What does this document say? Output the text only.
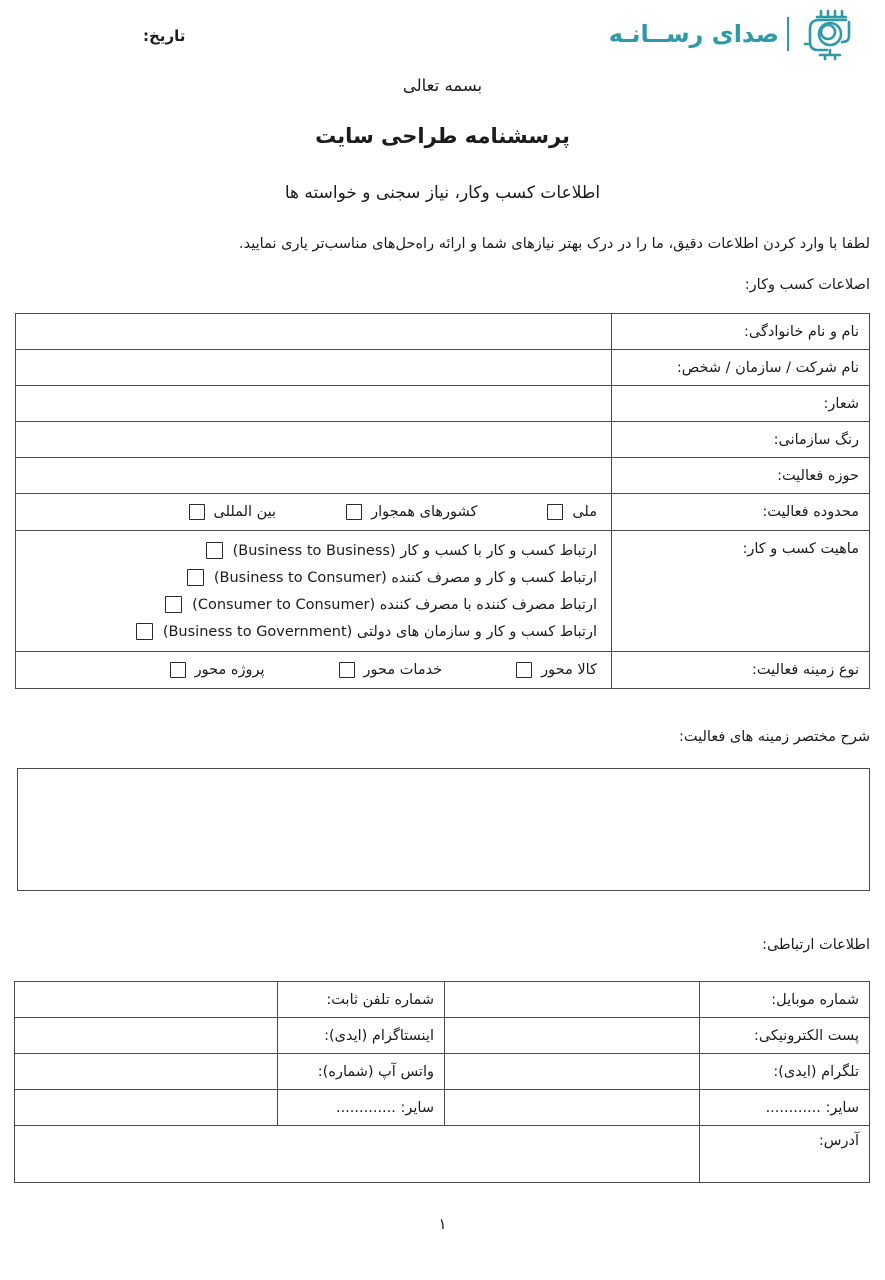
صدای رســانـه
تاریخ:
بسمه تعالی
پرسشنامه طراحی سایت
اطلاعات کسب وکار، نیاز سجنی و خواسته ها
لطفا با وارد کردن اطلاعات دقیق، ما را در درک بهتر نیازهای شما و ارائه راه‌حل‌های مناسب‌تر یاری نمایید.
اصلاعات کسب وکار:
نام و نام خانوادگی:	
نام شرکت / سازمان / شخص:	
شعار:	
رنگ سازمانی:	
حوزه فعالیت:	
محدوده فعالیت:	ملی
کشورهای همجوار
بین المللی

ماهیت کسب و کار:	ارتباط کسب و کار با کسب و کار (Business to Business)
ارتباط کسب و کار و مصرف کننده (Business to Consumer)
ارتباط مصرف کننده با مصرف کننده (Consumer to Consumer)
ارتباط کسب و کار و سازمان های دولتی (Business to Government)

نوع زمینه فعالیت:	کالا محور
خدمات محور
پروژه محور
شرح مختصر زمینه های فعالیت:
اطلاعات ارتباطی:
شماره موبایل:		شماره تلفن ثابت:	
پست الکترونیکی:		اینستاگرام (ایدی):	
تلگرام (ایدی):		واتس آپ (شماره):	
سایر: ............		سایر: .............	
آدرس:			
۱
